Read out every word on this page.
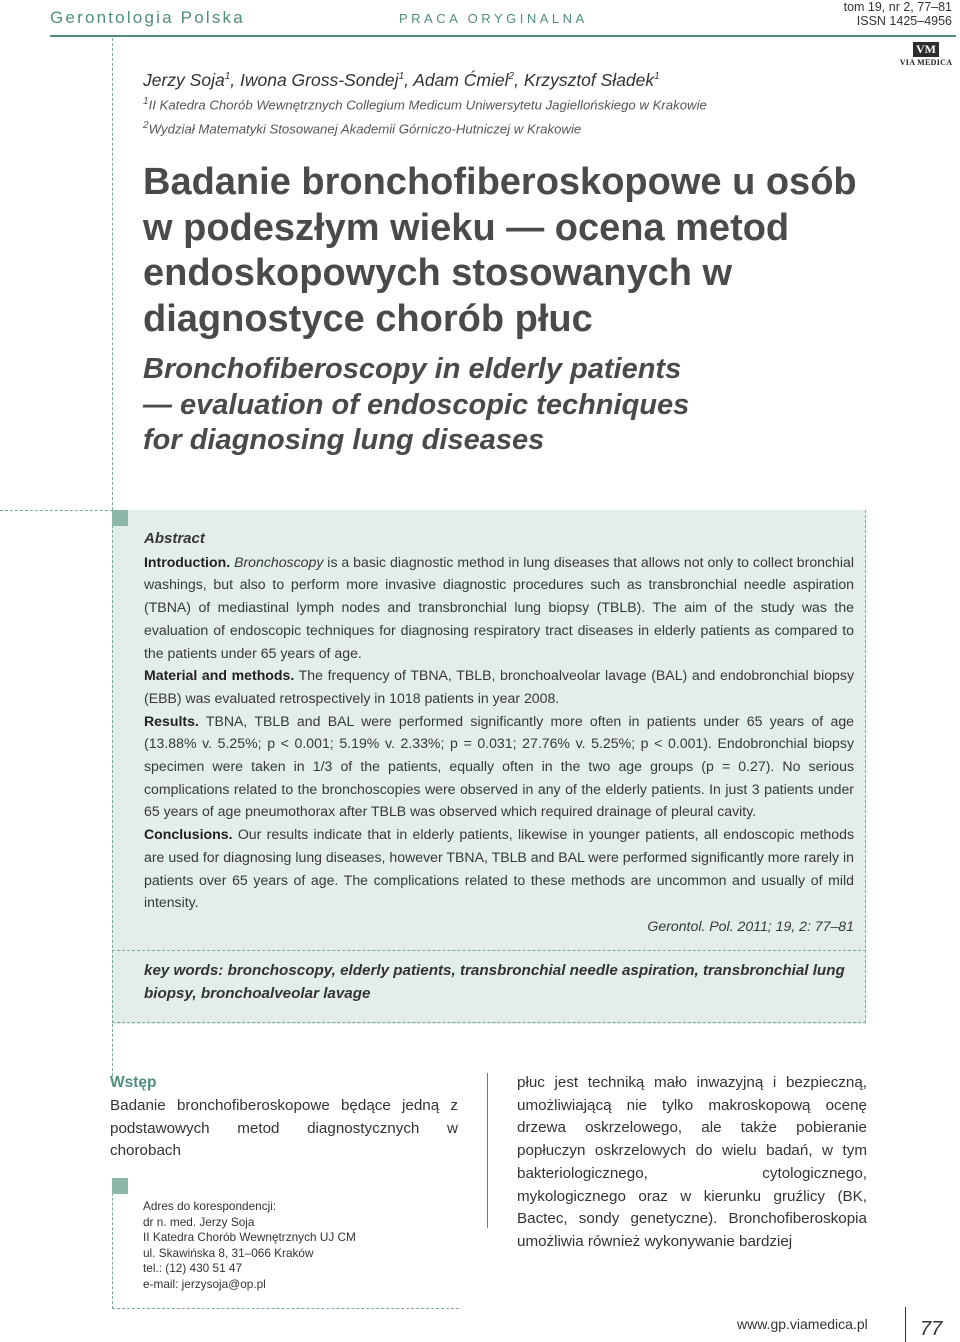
Gerontologia Polska	PRACA ORYGINALNA
tom 19, nr 2, 77–81
ISSN 1425–4956
VM
VIA MEDICA
Jerzy Soja$^1$, Iwona Gross-Sondej$^1$, Adam Ćmiel$^2$, Krzysztof Sładek$^1$
$^1$II Katedra Chorób Wewnętrznych Collegium Medicum Uniwersytetu Jagiellońskiego w Krakowie
$^2$Wydział Matematyki Stosowanej Akademii Górniczo-Hutniczej w Krakowie
Badanie bronchofiberoskopowe u osób w podeszłym wieku — ocena metod endoskopowych stosowanych w diagnostyce chorób płuc
Bronchofiberoscopy in elderly patients
— evaluation of endoscopic techniques
for diagnosing lung diseases

Abstract

Introduction. Bronchoscopy is a basic diagnostic method in lung diseases that allows not only to collect bronchial washings, but also to perform more invasive diagnostic procedures such as transbronchial needle aspiration (TBNA) of mediastinal lymph nodes and transbronchial lung biopsy (TBLB). The aim of the study was the evaluation of endoscopic techniques for diagnosing respiratory tract diseases in elderly patients as compared to the patients under 65 years of age.

Material and methods. The frequency of TBNA, TBLB, bronchoalveolar lavage (BAL) and endobronchial biopsy (EBB) was evaluated retrospectively in 1018 patients in year 2008.

Results. TBNA, TBLB and BAL were performed significantly more often in patients under 65 years of age (13.88% v. 5.25%; p < 0.001; 5.19% v. 2.33%; p = 0.031; 27.76% v. 5.25%; p < 0.001). Endobronchial biopsy specimen were taken in 1/3 of the patients, equally often in the two age groups (p = 0.27). No serious complications related to the bronchoscopies were observed in any of the elderly patients. In just 3 patients under 65 years of age pneumothorax after TBLB was observed which required drainage of pleural cavity.

Conclusions. Our results indicate that in elderly patients, likewise in younger patients, all endoscopic methods are used for diagnosing lung diseases, however TBNA, TBLB and BAL were performed significantly more rarely in patients over 65 years of age. The complications related to these methods are uncommon and usually of mild intensity.

Gerontol. Pol. 2011; 19, 2: 77–81

key words: bronchoscopy, elderly patients, transbronchial needle aspiration, transbronchial lung biopsy, bronchoalveolar lavage
Wstęp
Badanie bronchofiberoskopowe będące jedną z podstawowych metod diagnostycznych w chorobach
Adres do korespondencji:
dr n. med. Jerzy Soja
II Katedra Chorób Wewnętrznych UJ CM
ul. Skawińska 8, 31–066 Kraków
tel.: (12) 430 51 47
e-mail: jerzysoja@op.pl
płuc jest techniką mało inwazyjną i bezpieczną, umożliwiającą nie tylko makroskopową ocenę drzewa oskrzelowego, ale także pobieranie popłuczyn oskrzelowych do wielu badań, w tym bakteriologicznego, cytologicznego, mykologicznego oraz w kierunku gruźlicy (BK, Bactec, sondy genetyczne). Bronchofiberoskopia umożliwia również wykonywanie bardziej
www.gp.viamedica.pl	77
